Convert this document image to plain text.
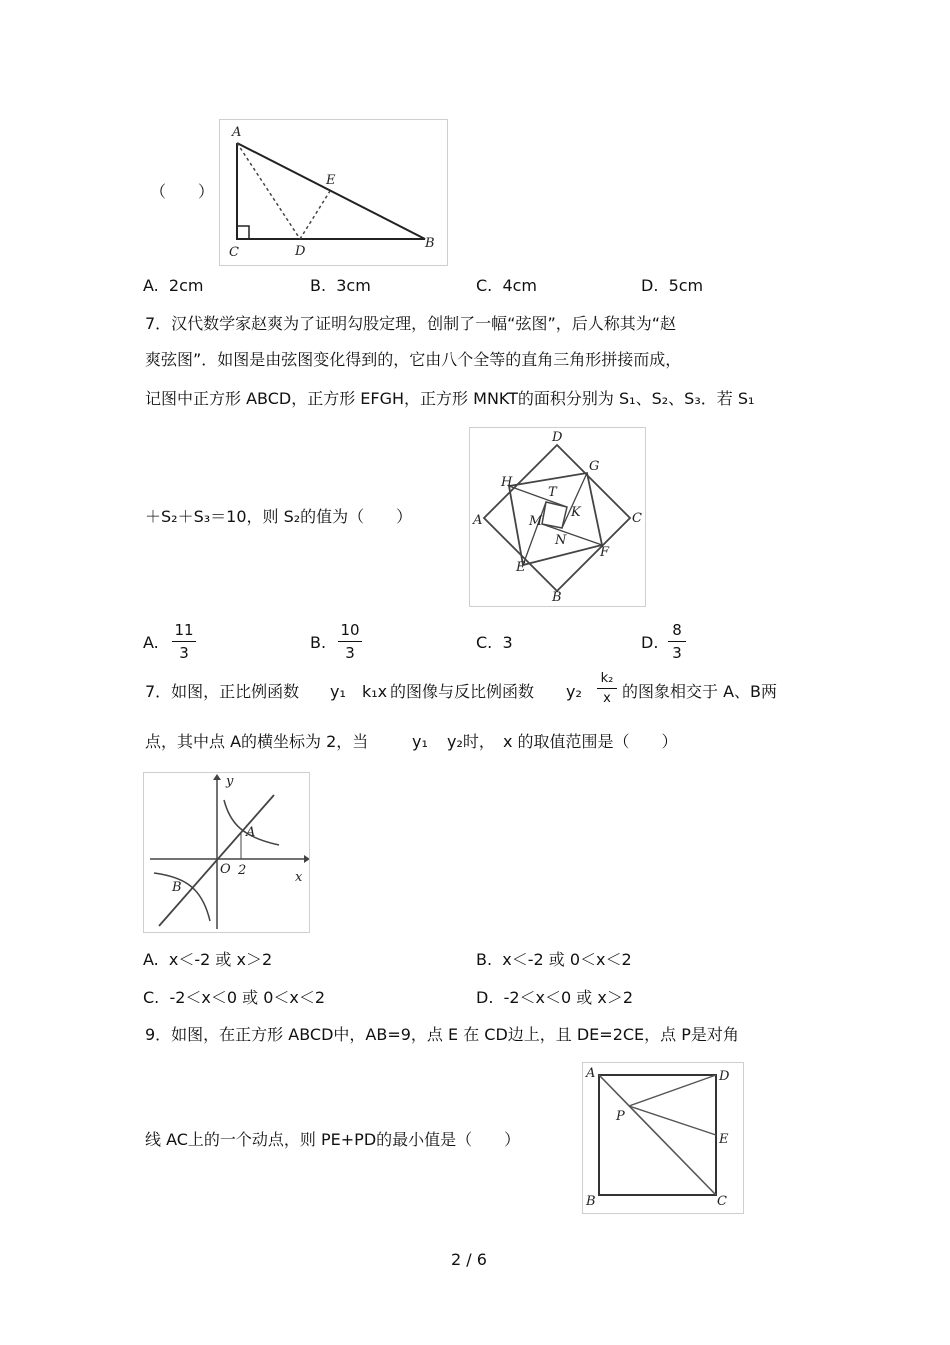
（　　）
A
E
C	D
B
A. 2cm	B. 3cm	C. 4cm	D. 5cm
7．汉代数学家赵爽为了证明勾股定理，创制了一幅“弦图”，后人称其为“赵
爽弦图”．如图是由弦图变化得到的，它由八个全等的直角三角形拼接而成，
记图中正方形 ABCD，正方形 EFGH，正方形 MNKT的面积分别为 S₁、S₂、S₃．若 S₁
＋S₂＋S₃＝10，则 S₂的值为（　　）
D
G
H
T
C
A
K
M
N
F
E
B
A.
11
3
B.
10
3
C. 3	D.
8
3
7．如图，正比例函数 y₁ k₁x 的图像与反比例函数 y₂
k₂
x 的图象相交于 A、B两
点，其中点 A的横坐标为 2，当	y₁ y₂时， x 的取值范围是（　　）
y
A
O 2	x
B
A. x＜-2 或 x＞2	B. x＜-2 或 0＜x＜2
C. -2＜x＜0 或 0＜x＜2	D. -2＜x＜0 或 x＞2
9．如图，在正方形 ABCD中，AB=9，点 E 在 CD边上，且 DE=2CE，点 P是对角
线 AC上的一个动点，则 PE+PD的最小值是（　　）
A	D
P
E
B	C
2 / 6
